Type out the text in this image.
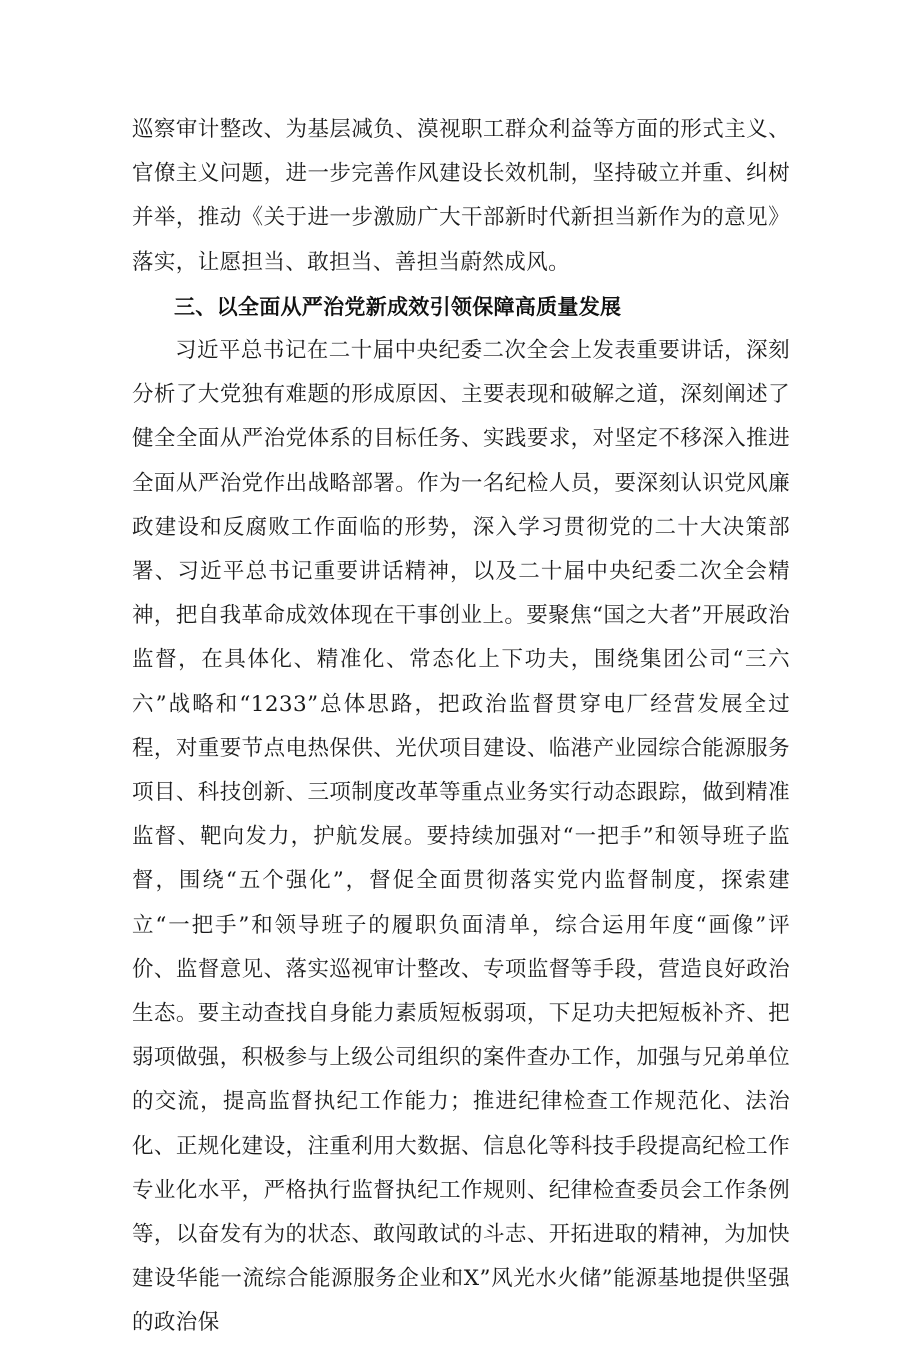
巡察审计整改、为基层减负、漠视职工群众利益等方面的形式主义、官僚主义问题，进一步完善作风建设长效机制，坚持破立并重、纠树并举，推动《关于进一步激励广大干部新时代新担当新作为的意见》落实，让愿担当、敢担当、善担当蔚然成风。

三、以全面从严治党新成效引领保障高质量发展

习近平总书记在二十届中央纪委二次全会上发表重要讲话，深刻分析了大党独有难题的形成原因、主要表现和破解之道，深刻阐述了健全全面从严治党体系的目标任务、实践要求，对坚定不移深入推进全面从严治党作出战略部署。作为一名纪检人员，要深刻认识党风廉政建设和反腐败工作面临的形势，深入学习贯彻党的二十大决策部署、习近平总书记重要讲话精神，以及二十届中央纪委二次全会精神，把自我革命成效体现在干事创业上。要聚焦“国之大者”开展政治监督，在具体化、精准化、常态化上下功夫，围绕集团公司“三六六”战略和“1233”总体思路，把政治监督贯穿电厂经营发展全过程，对重要节点电热保供、光伏项目建设、临港产业园综合能源服务项目、科技创新、三项制度改革等重点业务实行动态跟踪，做到精准监督、靶向发力，护航发展。要持续加强对“一把手”和领导班子监督，围绕“五个强化”，督促全面贯彻落实党内监督制度，探索建立“一把手”和领导班子的履职负面清单，综合运用年度“画像”评价、监督意见、落实巡视审计整改、专项监督等手段，营造良好政治生态。要主动查找自身能力素质短板弱项，下足功夫把短板补齐、把弱项做强，积极参与上级公司组织的案件查办工作，加强与兄弟单位的交流，提高监督执纪工作能力；推进纪律检查工作规范化、法治化、正规化建设，注重利用大数据、信息化等科技手段提高纪检工作专业化水平，严格执行监督执纪工作规则、纪律检查委员会工作条例等，以奋发有为的状态、敢闯敢试的斗志、开拓进取的精神，为加快建设华能一流综合能源服务企业和X”风光水火储”能源基地提供坚强的政治保
